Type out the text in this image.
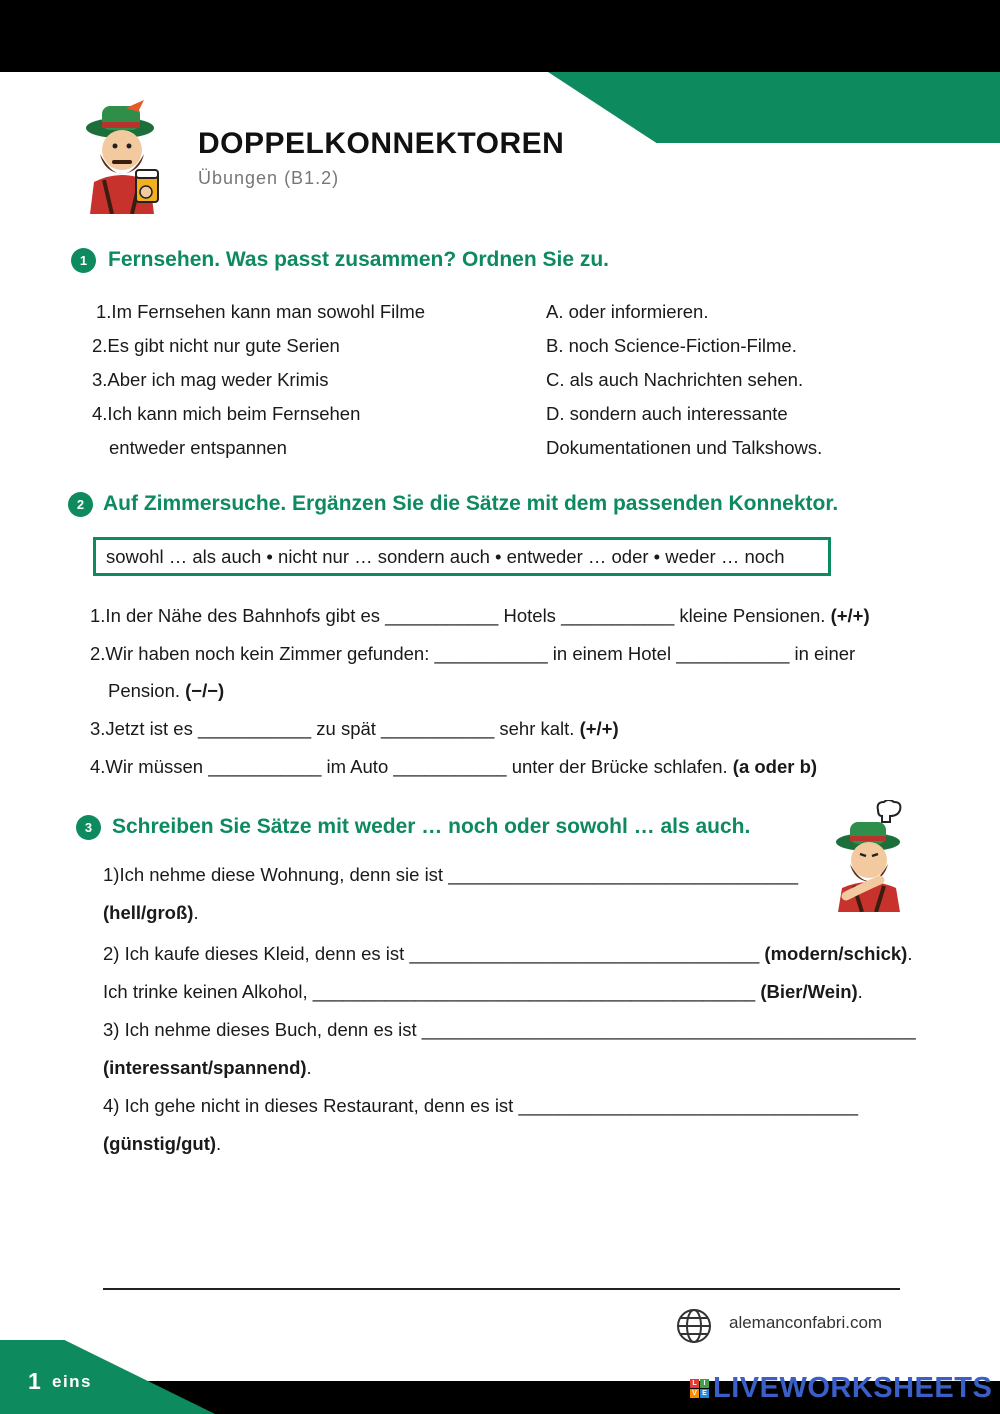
DOPPELKONNEKTOREN
Übungen (B1.2)
1 Fernsehen. Was passt zusammen? Ordnen Sie zu.
1.Im Fernsehen kann man sowohl Filme
2.Es gibt nicht nur gute Serien
3.Aber ich mag weder Krimis
4.Ich kann mich beim Fernsehen
entweder entspannen
A. oder informieren.
B. noch Science-Fiction-Filme.
C. als auch Nachrichten sehen.
D. sondern auch interessante
Dokumentationen und Talkshows.
2 Auf Zimmersuche. Ergänzen Sie die Sätze mit dem passenden Konnektor.
sowohl … als auch • nicht nur … sondern auch • entweder … oder • weder … noch
1.In der Nähe des Bahnhofs gibt es ___________ Hotels ___________ kleine Pensionen. (+/+)
2.Wir haben noch kein Zimmer gefunden: ___________ in einem Hotel ___________ in einer
Pension. (−/−)
3.Jetzt ist es ___________ zu spät ___________ sehr kalt. (+/+)
4.Wir müssen ___________ im Auto ___________ unter der Brücke schlafen. (a oder b)
3 Schreiben Sie Sätze mit weder … noch oder sowohl … als auch.
1)Ich nehme diese Wohnung, denn sie ist __________________________________
(hell/groß).
2) Ich kaufe dieses Kleid, denn es ist __________________________________ (modern/schick).
Ich trinke keinen Alkohol, ___________________________________________ (Bier/Wein).
3) Ich nehme dieses Buch, denn es ist ________________________________________________
(interessant/spannend).
4) Ich gehe nicht in dieses Restaurant, denn es ist _________________________________
(günstig/gut).
alemanconfabri.com
1 eins	L I
V E LIVEWORKSHEETS
